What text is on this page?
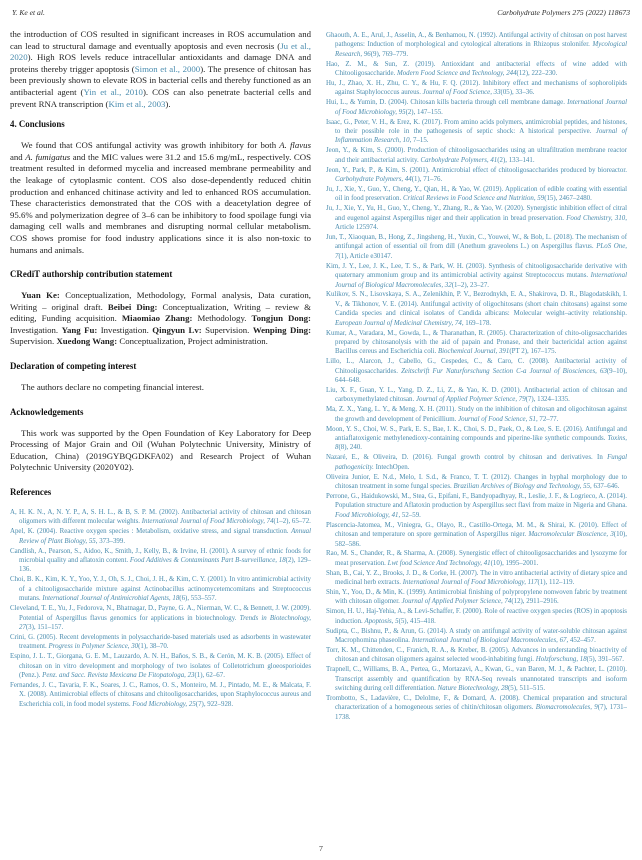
Y. Ke et al.	Carbohydrate Polymers 275 (2022) 118673
the introduction of COS resulted in significant increases in ROS accumulation and can lead to structural damage and eventually apoptosis and even necrosis (Ju et al., 2020). High ROS levels reduce intracellular antioxidants and damage DNA and proteins thereby trigger apoptosis (Simon et al., 2000). The presence of chitosan has been previously shown to elevate ROS in bacterial cells and thereby functioned as an antibacterial agent (Yin et al., 2010). COS can also penetrate bacterial cells and prevent RNA transcription (Kim et al., 2003).
4. Conclusions
We found that COS antifungal activity was growth inhibitory for both A. flavus and A. fumigatus and the MIC values were 31.2 and 15.6 mg/mL, respectively. COS treatment resulted in deformed mycelia and increased membrane permeability and the leakage of cytoplasmic content. COS also dose-dependently reduced chitin production and enhanced chitinase activity and led to enhanced ROS accumulation. These characteristics demonstrated that the COS with a deacetylation degree of 95.6% and polymerization degree of 3–6 can be inhibitory to food spoilage fungi via damaging cell walls and membranes and disrupting normal cellular metabolism. COS shows promise for food industry applications since it is also non-toxic to humans and animals.
CRediT authorship contribution statement
Yuan Ke: Conceptualization, Methodology, Formal analysis, Data curation, Writing – original draft. Beibei Ding: Conceptualization, Writing – review & editing, Funding acquisition. Miaomiao Zhang: Methodology. Tongjun Dong: Investigation. Yang Fu: Investigation. Qingyun Lv: Supervision. Wenping Ding: Supervision. Xuedong Wang: Conceptualization, Project administration.
Declaration of competing interest
The authors declare no competing financial interest.
Acknowledgements
This work was supported by the Open Foundation of Key Laboratory for Deep Processing of Major Grain and Oil (Wuhan Polytechnic University, Ministry of Education, China) (2019GYBQGDKFA02) and Research Project of Wuhan Polytechnic University (2020Y02).
References
A, H. K. N., A, N. Y. P., A, S. H. L., & B, S. P. M. (2002). Antibacterial activity of chitosan and chitosan oligomers with different molecular weights. International Journal of Food Microbiology, 74(1–2), 65–72.
Apel, K. (2004). Reactive oxygen species : Metabolism, oxidative stress, and signal transduction. Annual Review of Plant Biology, 55, 373–399.
Candlish, A., Pearson, S., Aidoo, K., Smith, J., Kelly, B., & Irvine, H. (2001). A survey of ethnic foods for microbial quality and aflatoxin content. Food Additives & Contaminants Part B-surveillance, 18(2), 129–136.
Choi, B. K., Kim, K. Y., Yoo, Y. J., Oh, S. J., Choi, J. H., & Kim, C. Y. (2001). In vitro antimicrobial activity of a chitooligosaccharide mixture against Actinobacillus actinomycetemcomitans and Streptococcus mutans. International Journal of Antimicrobial Agents, 18(6), 553–557.
Cleveland, T. E., Yu, J., Fedorova, N., Bhatnagar, D., Payne, G. A., Nierman, W. C., & Bennett, J. W. (2009). Potential of Aspergillus flavus genomics for applications in biotechnology. Trends in Biotechnology, 27(3), 151–157.
Crini, G. (2005). Recent developments in polysaccharide-based materials used as adsorbents in wastewater treatment. Progress in Polymer Science, 30(1), 38–70.
Espino, J. L. T., Giorgana, G. E. M., Lauzardo, A. N. H., Baños, S. B., & Cerón, M. K. B. (2005). Effect of chitosan on in vitro development and morphology of two isolates of Colletotrichum gloeosporioides (Penz.). Penz. and Sacc. Revista Mexicana De Fitopatologa, 23(1), 62–67.
Fernandes, J. C., Tavaria, F. K., Soares, J. C., Ramos, O. S., Monteiro, M. J., Pintado, M. E., & Malcata, F. X. (2008). Antimicrobial effects of chitosans and chitooligosaccharides, upon Staphylococcus aureus and Escherichia coli, in food model systems. Food Microbiology, 25(7), 922–928.
Ghaouth, A. E., Arul, J., Asselin, A., & Benhamou, N. (1992). Antifungal activity of chitosan on post harvest pathogens: Induction of morphological and cytological alterations in Rhizopus stolonifer. Mycological Research, 96(9), 769–779.
Hao, Z. M., & Sun, Z. (2019). Antioxidant and antibacterial effects of wine added with Chitooligosaccharide. Modern Food Science and Technology, 244(12), 222–230.
Hu, J., Zhao, X. H., Zhu, C. Y., & Hu, F. Q. (2012). Inhibitory effect and mechanisms of sophorolipids against Staphylococcus aureus. Journal of Food Science, 33(05), 33–36.
Hui, L., & Yumin, D. (2004). Chitosan kills bacteria through cell membrane damage. International Journal of Food Microbiology, 95(2), 147–155.
Isaac, G., Peter, V. H., & Erez, K. (2017). From amino acids polymers, antimicrobial peptides, and histones, to their possible role in the pathogenesis of septic shock: A historical perspective. Journal of Inflammation Research, 10, 7–15.
Jeon, Y., & Kim, S. (2000). Production of chitooligosaccharides using an ultrafiltration membrane reactor and their antibacterial activity. Carbohydrate Polymers, 41(2), 133–141.
Jeon, Y., Park, P., & Kim, S. (2001). Antimicrobial effect of chitooligosaccharides produced by bioreactor. Carbohydrate Polymers, 44(1), 71–76.
Ju, J., Xie, Y., Guo, Y., Cheng, Y., Qian, H., & Yao, W. (2019). Application of edible coating with essential oil in food preservation. Critical Reviews in Food Science and Nutrition, 59(15), 2467–2480.
Ju, J., Xie, Y., Yu, H., Guo, Y., Cheng, Y., Zhang, R., & Yao, W. (2020). Synergistic inhibition effect of citral and eugenol against Aspergillus niger and their application in bread preservation. Food Chemistry, 310, Article 125974.
Jun, T., Xiaoquan, B., Hong, Z., Jingsheng, H., Yuxin, C., Youwei, W., & Bob, L. (2018). The mechanism of antifungal action of essential oil from dill (Anethum graveolens L.) on Aspergillus flavus. PLoS One, 7(1), Article e30147.
Kim, J. Y., Lee, J. K., Lee, T. S., & Park, W. H. (2003). Synthesis of chitooligosaccharide derivative with quaternary ammonium group and its antimicrobial activity against Streptococcus mutans. International Journal of Biological Macromolecules, 32(1–2), 23–27.
Kulikov, S. N., Lisovskaya, S. A., Zelenikhin, P. V., Bezrodnykh, E. A., Shakirova, D. R., Blagodatskikh, I. V., & Tikhonov, V. E. (2014). Antifungal activity of oligochitosans (short chain chitosans) against some Candida species and clinical isolates of Candida albicans: Molecular weight–activity relationship. European Journal of Medicinal Chemistry, 74, 169–178.
Kumar, A., Varadara, M., Gowda, L., & Tharanathan, R. (2005). Characterization of chito-oligosaccharides prepared by chitosanolysis with the aid of papain and Pronase, and their bactericidal action against Bacillus cereus and Escherichia coli. Biochemical Journal, 391(PT 2), 167–175.
Lillo, L., Alarcon, J., Cabello, G., Cespedes, C., & Caro, C. (2008). Antibacterial activity of Chitooligosaccharides. Zeitschrift Fur Naturforschung Section C-a Journal of Biosciences, 63(9–10), 644–648.
Liu, X. F., Guan, Y. L., Yang, D. Z., Li, Z., & Yao, K. D. (2001). Antibacterial action of chitosan and carboxymethylated chitosan. Journal of Applied Polymer Science, 79(7), 1324–1335.
Ma, Z. X., Yang, L. Y., & Meng, X. H. (2011). Study on the inhibition of chitosan and oligochitosan against the growth and development of Penicillium. Journal of Food Science, S1, 72–77.
Moon, Y. S., Choi, W. S., Park, E. S., Bae, I. K., Choi, S. D., Paek, O., & Lee, S. E. (2016). Antifungal and antiaflatoxigenic methylenedioxy-containing compounds and piperine-like synthetic compounds. Toxins, 8(8), 240.
Nazaré, E., & Oliveira, D. (2016). Fungal growth control by chitosan and derivatives. In Fungal pathogenicity. IntechOpen.
Oliveira Junior, E. N.d., Melo, I. S.d., & Franco, T. T. (2012). Changes in hyphal morphology due to chitosan treatment in some fungal species. Brazilian Archives of Biology and Technology, 55, 637–646.
Perrone, G., Haidukowski, M., Stea, G., Epifani, F., Bandyopadhyay, R., Leslie, J. F., & Logrieco, A. (2014). Population structure and Aflatoxin production by Aspergillus sect flavi from maize in Nigeria and Ghana. Food Microbiology, 41, 52–59.
Plascencia-Jatomea, M., Viniegra, G., Olayo, R., Castillo-Ortega, M. M., & Shirai, K. (2010). Effect of chitosan and temperature on spore germination of Aspergillus niger. Macromolecular Bioscience, 3(10), 582–586.
Rao, M. S., Chander, R., & Sharma, A. (2008). Synergistic effect of chitooligosaccharides and lysozyme for meat preservation. Lwt food Science And Technology, 41(10), 1995–2001.
Shan, B., Cai, Y. Z., Brooks, J. D., & Corke, H. (2007). The in vitro antibacterial activity of dietary spice and medicinal herb extracts. International Journal of Food Microbiology, 117(1), 112–119.
Shin, Y., Yoo, D., & Min, K. (1999). Antimicrobial finishing of polypropylene nonwoven fabric by treatment with chitosan oligomer. Journal of Applied Polymer Science, 74(12), 2911–2916.
Simon, H. U., Haj-Yehia, A., & Levi-Schaffer, F. (2000). Role of reactive oxygen species (ROS) in apoptosis induction. Apoptosis, 5(5), 415–418.
Sudipta, C., Bishnu, P., & Arun, G. (2014). A study on antifungal activity of water-soluble chitosan against Macrophomina phaseolina. International Journal of Biological Macromolecules, 67, 452–457.
Torr, K. M., Chittenden, C., Franich, R. A., & Kreber, B. (2005). Advances in understanding bioactivity of chitosan and chitosan oligomers against selected wood-inhabiting fungi. Holzforschung, 18(5), 391–567.
Trapnell, C., Williams, B. A., Pertea, G., Mortazavi, A., Kwan, G., van Baren, M. J., & Pachter, L. (2010). Transcript assembly and quantification by RNA-Seq reveals unannotated transcripts and isoform switching during cell differentiation. Nature Biotechnology, 28(5), 511–515.
Trombotto, S., Ladavière, C., Delolme, F., & Domard, A. (2008). Chemical preparation and structural characterization of a homogeneous series of chitin/chitosan oligomers. Biomacromolecules, 9(7), 1731–1738.
7
